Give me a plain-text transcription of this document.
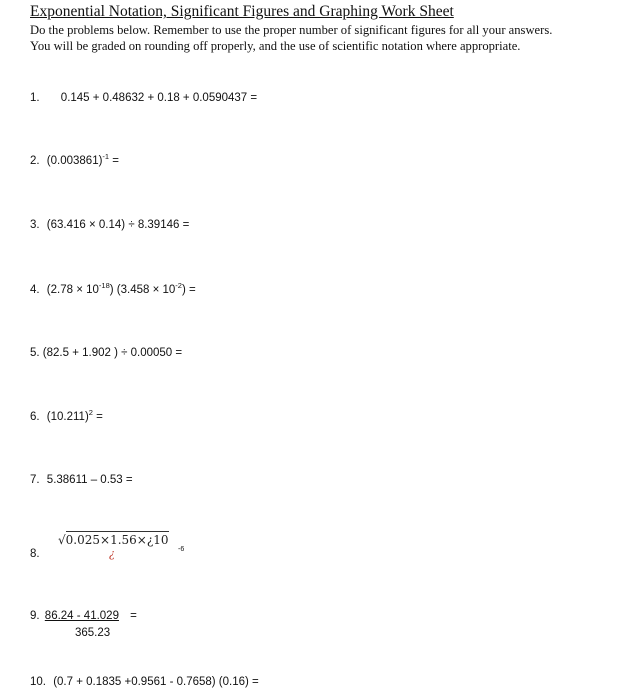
Exponential Notation, Significant Figures and Graphing Work Sheet
Do the problems below. Remember to use the proper number of significant figures for all your answers.
You will be graded on rounding off properly, and the use of scientific notation where appropriate.
1. 0.145 + 0.48632 + 0.18 + 0.0590437 =
2. $(0.003861)^{-1}$ =
3. (63.416 × 0.14) ÷ 8.39146 =
4. $(2.78 \times 10^{-18})$ $(3.458 \times 10^{-2})$ =
5. (82.5 + 1.902 ) ÷ 0.00050 =
6. $(10.211)^2$ =
7. 5.38611 – 0.53 =
8.
√0.025×1.56×¿10
¿	-6
9. 86.24 - 41.029 =
365.23
10. (0.7 + 0.1835 +0.9561 - 0.7658) (0.16) =
